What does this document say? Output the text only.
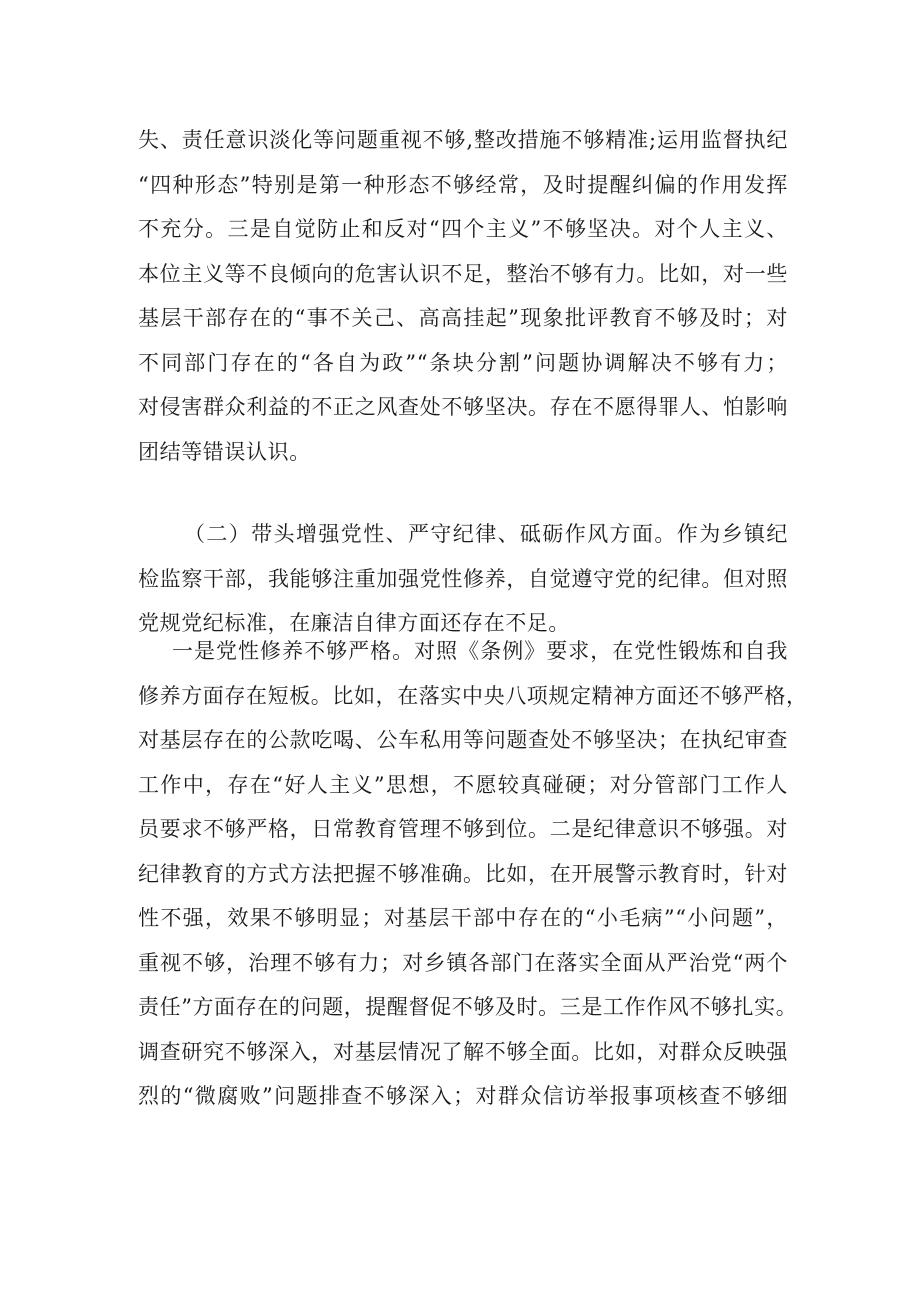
失、责任意识淡化等问题重视不够,整改措施不够精准;运用监督执纪
“四种形态”特别是第一种形态不够经常，及时提醒纠偏的作用发挥
不充分。三是自觉防止和反对“四个主义”不够坚决。对个人主义、
本位主义等不良倾向的危害认识不足，整治不够有力。比如，对一些
基层干部存在的“事不关己、高高挂起”现象批评教育不够及时；对
不同部门存在的“各自为政”“条块分割”问题协调解决不够有力；
对侵害群众利益的不正之风查处不够坚决。存在不愿得罪人、怕影响
团结等错误认识。
（二）带头增强党性、严守纪律、砥砺作风方面。作为乡镇纪
检监察干部，我能够注重加强党性修养，自觉遵守党的纪律。但对照
党规党纪标准，在廉洁自律方面还存在不足。
一是党性修养不够严格。对照《条例》要求，在党性锻炼和自我
修养方面存在短板。比如，在落实中央八项规定精神方面还不够严格，
对基层存在的公款吃喝、公车私用等问题查处不够坚决；在执纪审查
工作中，存在“好人主义”思想，不愿较真碰硬；对分管部门工作人
员要求不够严格，日常教育管理不够到位。二是纪律意识不够强。对
纪律教育的方式方法把握不够准确。比如，在开展警示教育时，针对
性不强，效果不够明显；对基层干部中存在的“小毛病”“小问题”，
重视不够，治理不够有力；对乡镇各部门在落实全面从严治党“两个
责任”方面存在的问题，提醒督促不够及时。三是工作作风不够扎实。
调查研究不够深入，对基层情况了解不够全面。比如，对群众反映强
烈的“微腐败”问题排查不够深入；对群众信访举报事项核查不够细
